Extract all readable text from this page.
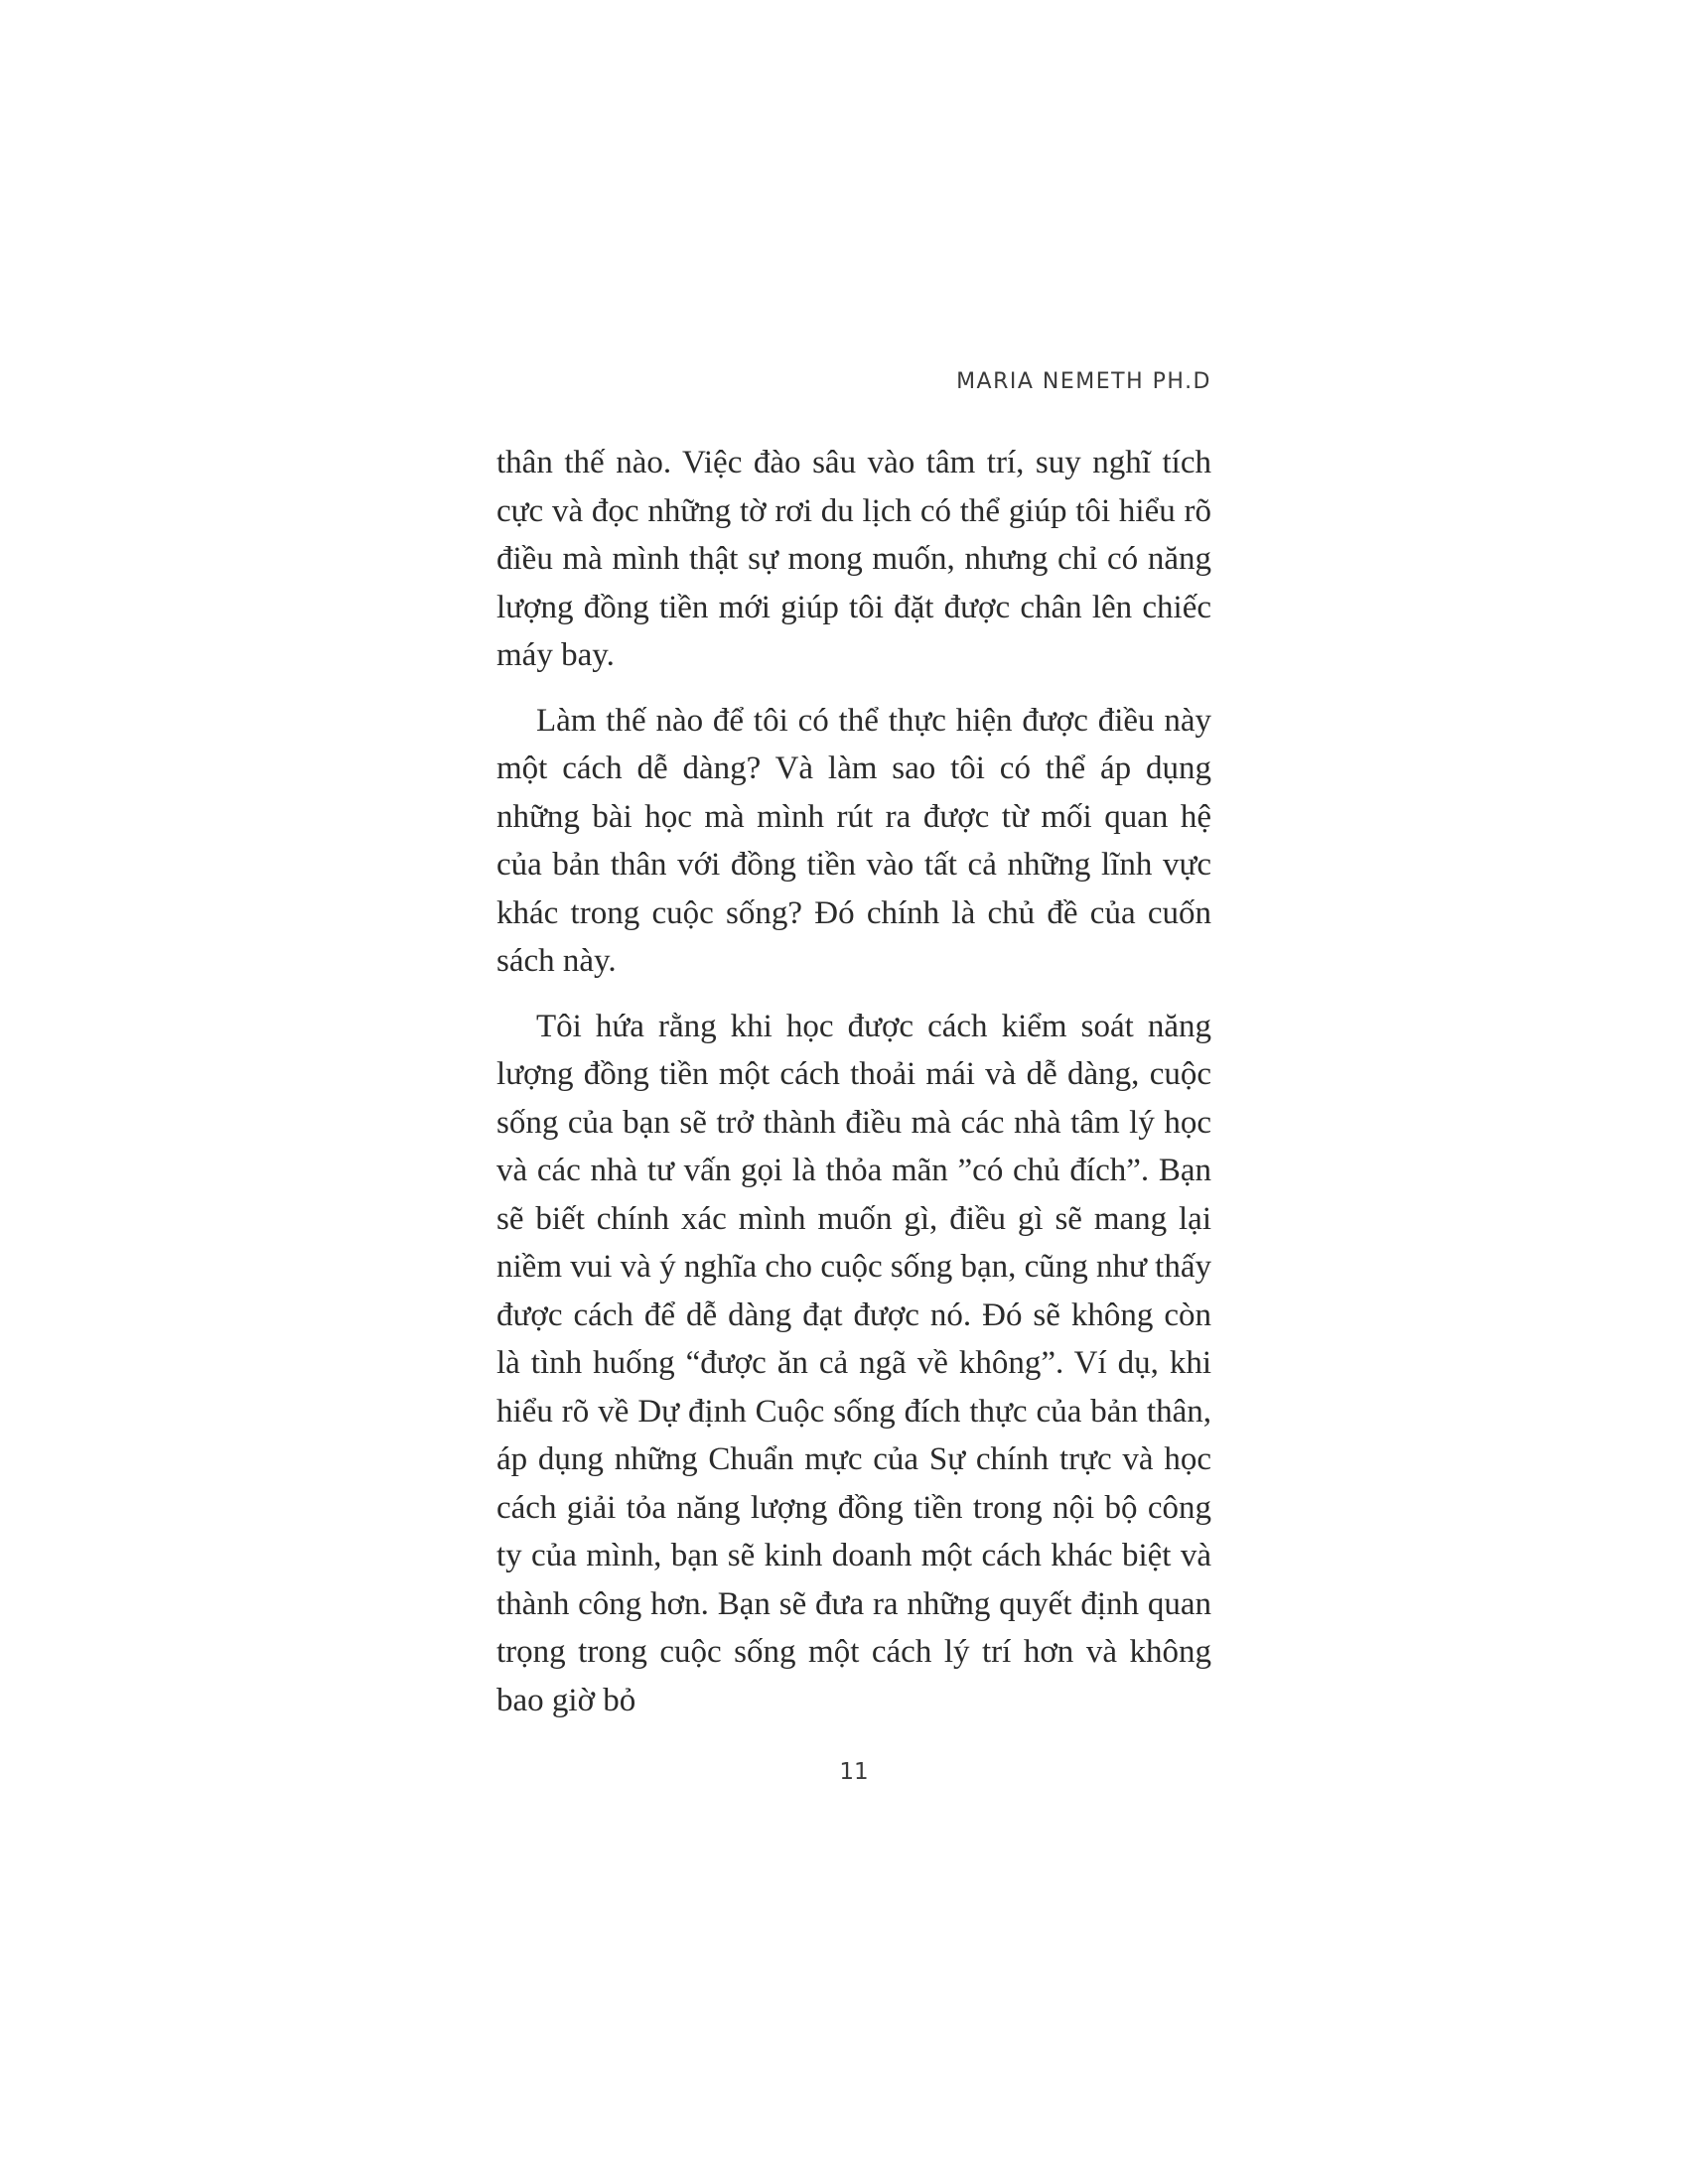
MARIA NEMETH PH.D

thân thế nào. Việc đào sâu vào tâm trí, suy nghĩ tích cực và đọc những tờ rơi du lịch có thể giúp tôi hiểu rõ điều mà mình thật sự mong muốn, nhưng chỉ có năng lượng đồng tiền mới giúp tôi đặt được chân lên chiếc máy bay.

Làm thế nào để tôi có thể thực hiện được điều này một cách dễ dàng? Và làm sao tôi có thể áp dụng những bài học mà mình rút ra được từ mối quan hệ của bản thân với đồng tiền vào tất cả những lĩnh vực khác trong cuộc sống? Đó chính là chủ đề của cuốn sách này.

Tôi hứa rằng khi học được cách kiểm soát năng lượng đồng tiền một cách thoải mái và dễ dàng, cuộc sống của bạn sẽ trở thành điều mà các nhà tâm lý học và các nhà tư vấn gọi là thỏa mãn ”có chủ đích”. Bạn sẽ biết chính xác mình muốn gì, điều gì sẽ mang lại niềm vui và ý nghĩa cho cuộc sống bạn, cũng như thấy được cách để dễ dàng đạt được nó. Đó sẽ không còn là tình huống “được ăn cả ngã về không”. Ví dụ, khi hiểu rõ về Dự định Cuộc sống đích thực của bản thân, áp dụng những Chuẩn mực của Sự chính trực và học cách giải tỏa năng lượng đồng tiền trong nội bộ công ty của mình, bạn sẽ kinh doanh một cách khác biệt và thành công hơn. Bạn sẽ đưa ra những quyết định quan trọng trong cuộc sống một cách lý trí hơn và không bao giờ bỏ

11
